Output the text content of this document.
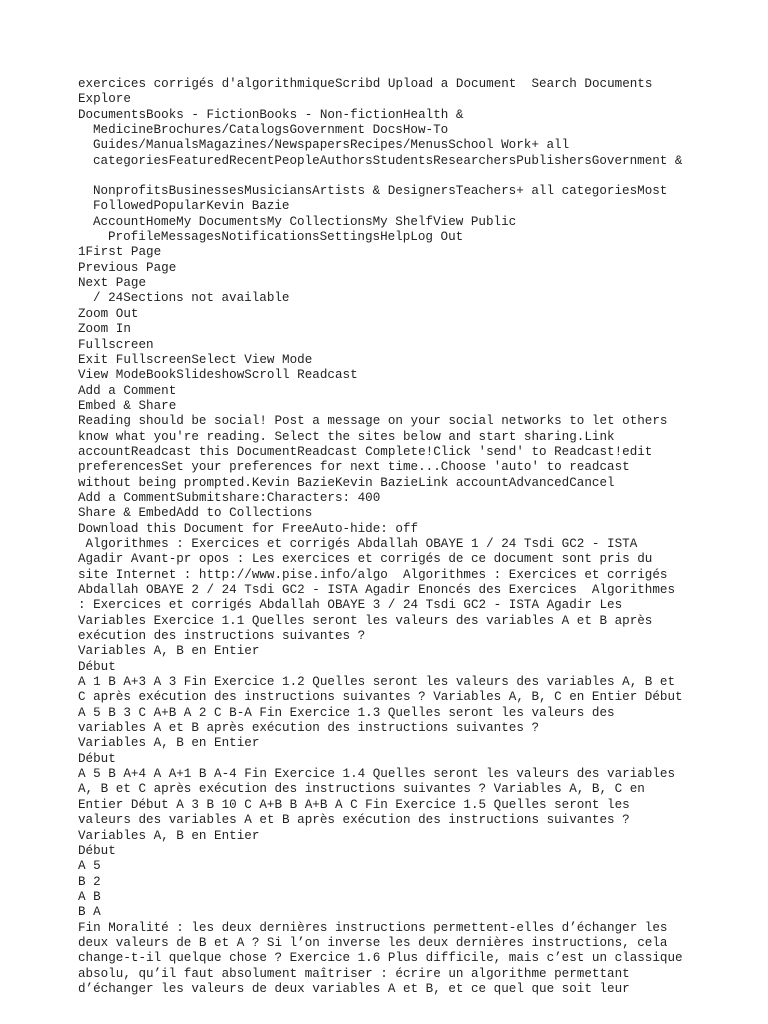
exercices corrigés d'algorithmiqueScribd Upload a Document Search Documents
Explore
DocumentsBooks - FictionBooks - Non-fictionHealth &
MedicineBrochures/CatalogsGovernment DocsHow-To
Guides/ManualsMagazines/NewspapersRecipes/MenusSchool Work+ all
categoriesFeaturedRecentPeopleAuthorsStudentsResearchersPublishersGovernment &
NonprofitsBusinessesMusiciansArtists & DesignersTeachers+ all categoriesMost
FollowedPopularKevin Bazie
AccountHomeMy DocumentsMy CollectionsMy ShelfView Public
ProfileMessagesNotificationsSettingsHelpLog Out
1First Page
Previous Page
Next Page
/ 24Sections not available
Zoom Out
Zoom In
Fullscreen
Exit FullscreenSelect View Mode
View ModeBookSlideshowScroll Readcast
Add a Comment
Embed & Share
Reading should be social! Post a message on your social networks to let others
know what you're reading. Select the sites below and start sharing.Link
accountReadcast this DocumentReadcast Complete!Click 'send' to Readcast!edit
preferencesSet your preferences for next time...Choose 'auto' to readcast
without being prompted.Kevin BazieKevin BazieLink accountAdvancedCancel
Add a CommentSubmitshare:Characters: 400
Share & EmbedAdd to Collections
Download this Document for FreeAuto-hide: off
Algorithmes : Exercices et corrigés Abdallah OBAYE 1 / 24 Tsdi GC2 - ISTA
Agadir Avant-pr opos : Les exercices et corrigés de ce document sont pris du
site Internet : http://www.pise.info/algo  Algorithmes : Exercices et corrigés
Abdallah OBAYE 2 / 24 Tsdi GC2 - ISTA Agadir Enoncés des Exercices  Algorithmes
: Exercices et corrigés Abdallah OBAYE 3 / 24 Tsdi GC2 - ISTA Agadir Les
Variables Exercice 1.1 Quelles seront les valeurs des variables A et B après
exécution des instructions suivantes ?
Variables A, B en Entier
Début
A 1 B A+3 A 3 Fin Exercice 1.2 Quelles seront les valeurs des variables A, B et
C après exécution des instructions suivantes ? Variables A, B, C en Entier Début
A 5 B 3 C A+B A 2 C B-A Fin Exercice 1.3 Quelles seront les valeurs des
variables A et B après exécution des instructions suivantes ?
Variables A, B en Entier
Début
A 5 B A+4 A A+1 B A-4 Fin Exercice 1.4 Quelles seront les valeurs des variables
A, B et C après exécution des instructions suivantes ? Variables A, B, C en
Entier Début A 3 B 10 C A+B B A+B A C Fin Exercice 1.5 Quelles seront les
valeurs des variables A et B après exécution des instructions suivantes ?
Variables A, B en Entier
Début
A 5
B 2
A B
B A
Fin Moralité : les deux dernières instructions permettent-elles d’échanger les
deux valeurs de B et A ? Si l’on inverse les deux dernières instructions, cela
change-t-il quelque chose ? Exercice 1.6 Plus difficile, mais c’est un classique
absolu, qu’il faut absolument maîtriser : écrire un algorithme permettant
d’échanger les valeurs de deux variables A et B, et ce quel que soit leur
